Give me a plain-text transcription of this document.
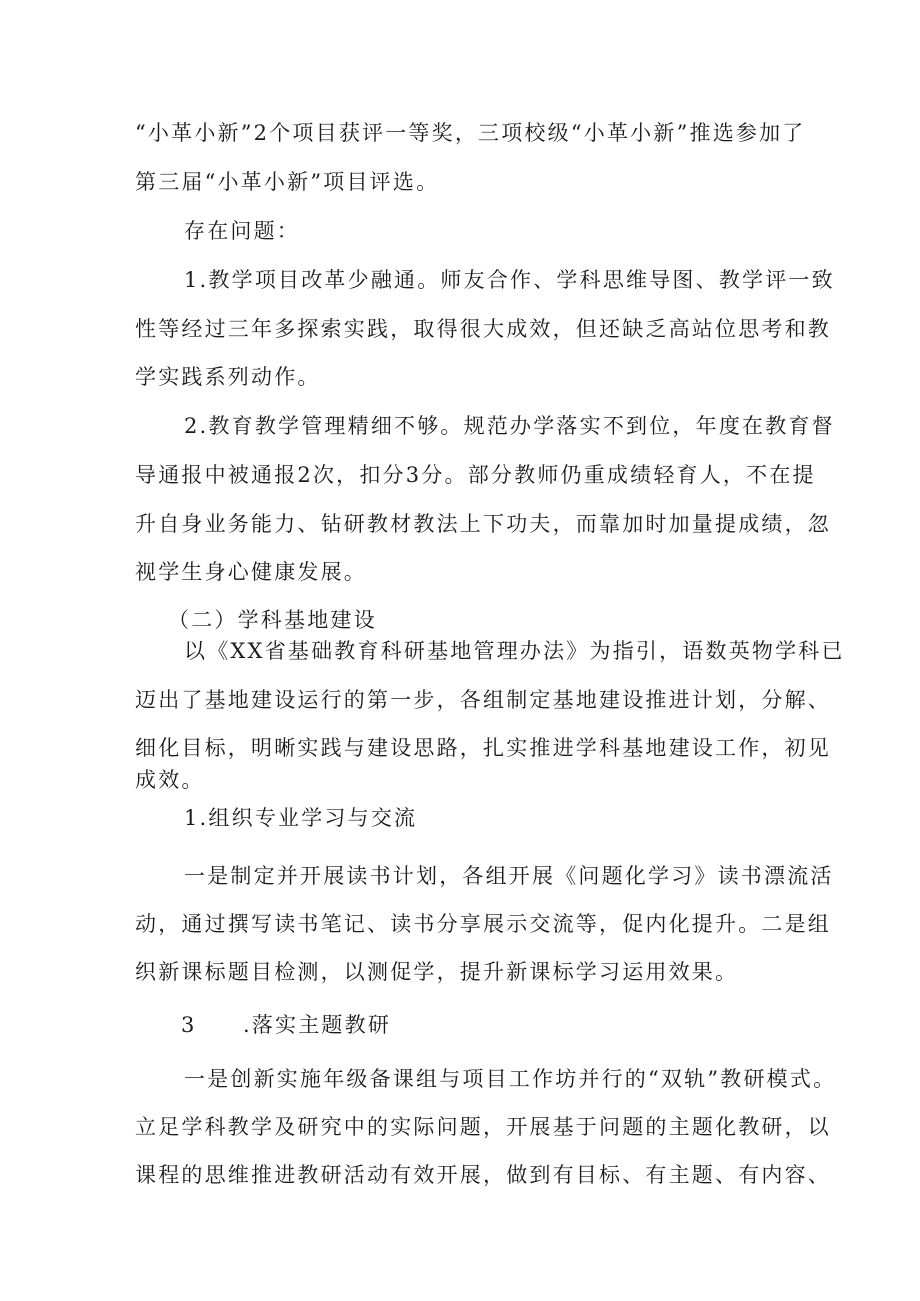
“小革小新”2个项目获评一等奖，三项校级“小革小新”推选参加了

第三届“小革小新”项目评选。

存在问题：

1.教学项目改革少融通。师友合作、学科思维导图、教学评一致

性等经过三年多探索实践，取得很大成效，但还缺乏高站位思考和教

学实践系列动作。

2.教育教学管理精细不够。规范办学落实不到位，年度在教育督

导通报中被通报2次，扣分3分。部分教师仍重成绩轻育人，不在提

升自身业务能力、钻研教材教法上下功夫，而靠加时加量提成绩，忽

视学生身心健康发展。

（二）学科基地建设

以《XX省基础教育科研基地管理办法》为指引，语数英物学科已

迈出了基地建设运行的第一步，各组制定基地建设推进计划，分解、

细化目标，明晰实践与建设思路，扎实推进学科基地建设工作，初见

成效。

1.组织专业学习与交流

一是制定并开展读书计划，各组开展《问题化学习》读书漂流活

动，通过撰写读书笔记、读书分享展示交流等，促内化提升。二是组

织新课标题目检测，以测促学，提升新课标学习运用效果。

3　　.落实主题教研

一是创新实施年级备课组与项目工作坊并行的“双轨”教研模式。

立足学科教学及研究中的实际问题，开展基于问题的主题化教研，以

课程的思维推进教研活动有效开展，做到有目标、有主题、有内容、
